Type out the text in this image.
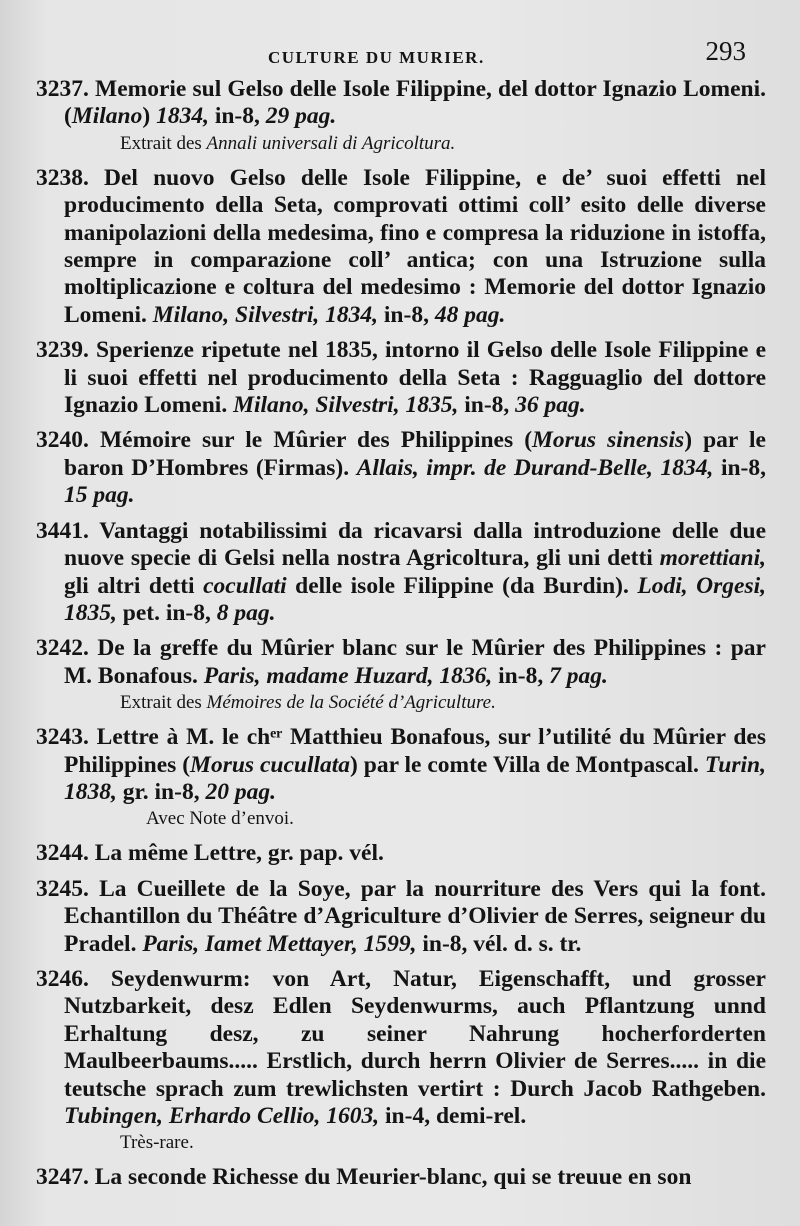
CULTURE DU MURIER.	293

3237. Memorie sul Gelso delle Isole Filippine, del dottor Ignazio Lomeni. (Milano) 1834, in-8, 29 pag.

Extrait des Annali universali di Agricoltura.

3238. Del nuovo Gelso delle Isole Filippine, e de’ suoi effetti nel producimento della Seta, comprovati ottimi coll’ esito delle diverse manipolazioni della medesima, fino e compresa la riduzione in istoffa, sempre in comparazione coll’ antica; con una Istruzione sulla moltiplicazione e coltura del medesimo : Memorie del dottor Ignazio Lomeni. Milano, Silvestri, 1834, in-8, 48 pag.

3239. Sperienze ripetute nel 1835, intorno il Gelso delle Isole Filippine e li suoi effetti nel producimento della Seta : Ragguaglio del dottore Ignazio Lomeni. Milano, Silvestri, 1835, in-8, 36 pag.

3240. Mémoire sur le Mûrier des Philippines (Morus sinensis) par le baron D’Hombres (Firmas). Allais, impr. de Durand-Belle, 1834, in-8, 15 pag.

3441. Vantaggi notabilissimi da ricavarsi dalla introduzione delle due nuove specie di Gelsi nella nostra Agricoltura, gli uni detti morettiani, gli altri detti cocullati delle isole Filippine (da Burdin). Lodi, Orgesi, 1835, pet. in-8, 8 pag.

3242. De la greffe du Mûrier blanc sur le Mûrier des Philippines : par M. Bonafous. Paris, madame Huzard, 1836, in-8, 7 pag.

Extrait des Mémoires de la Société d’Agriculture.

3243. Lettre à M. le chᵉʳ Matthieu Bonafous, sur l’utilité du Mûrier des Philippines (Morus cucullata) par le comte Villa de Montpascal. Turin, 1838, gr. in-8, 20 pag.

Avec Note d’envoi.

3244. La même Lettre, gr. pap. vél.

3245. La Cueillete de la Soye, par la nourriture des Vers qui la font. Echantillon du Théâtre d’Agriculture d’Olivier de Serres, seigneur du Pradel. Paris, Iamet Mettayer, 1599, in-8, vél. d. s. tr.

3246. Seydenwurm: von Art, Natur, Eigenschafft, und grosser Nutzbarkeit, desz Edlen Seydenwurms, auch Pflantzung unnd Erhaltung desz, zu seiner Nahrung hocherforderten Maulbeerbaums..... Erstlich, durch herrn Olivier de Serres..... in die teutsche sprach zum trewlichsten vertirt : Durch Jacob Rathgeben. Tubingen, Erhardo Cellio, 1603, in-4, demi-rel.

Très-rare.

3247. La seconde Richesse du Meurier-blanc, qui se treuue en son
